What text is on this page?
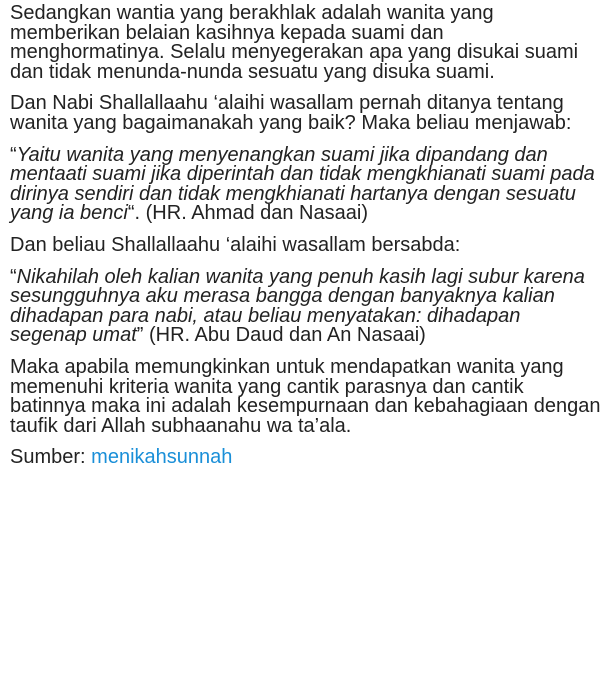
Sedangkan wantia yang berakhlak adalah wanita yang memberikan belaian kasihnya kepada suami dan menghormatinya. Selalu menyegerakan apa yang disukai suami dan tidak menunda-nunda sesuatu yang disuka suami.

Dan Nabi Shallallaahu ‘alaihi wasallam pernah ditanya tentang wanita yang bagaimanakah yang baik? Maka beliau menjawab:

“Yaitu wanita yang menyenangkan suami jika dipandang dan mentaati suami jika diperintah dan tidak mengkhianati suami pada dirinya sendiri dan tidak mengkhianati hartanya dengan sesuatu yang ia benci“. (HR. Ahmad dan Nasaai)

Dan beliau Shallallaahu ‘alaihi wasallam bersabda:

“Nikahilah oleh kalian wanita yang penuh kasih lagi subur karena sesungguhnya aku merasa bangga dengan banyaknya kalian dihadapan para nabi, atau beliau menyatakan: dihadapan segenap umat” (HR. Abu Daud dan An Nasaai)

Maka apabila memungkinkan untuk mendapatkan wanita yang memenuhi kriteria wanita yang cantik parasnya dan cantik batinnya maka ini adalah kesempurnaan dan kebahagiaan dengan taufik dari Allah subhaanahu wa ta’ala.

Sumber: menikahsunnah
